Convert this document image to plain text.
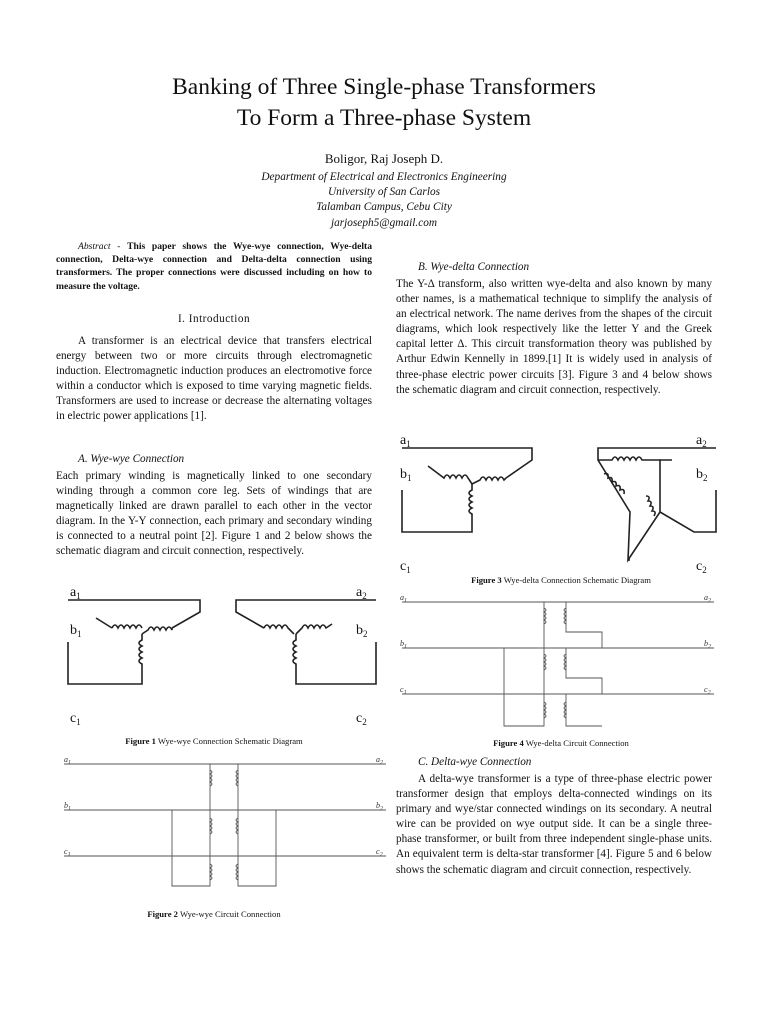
Banking of Three Single-phase Transformers
To Form a Three-phase System
Boligor, Raj Joseph D.
Department of Electrical and Electronics Engineering
University of San Carlos
Talamban Campus, Cebu City
jarjoseph5@gmail.com
Abstract - This paper shows the Wye-wye connection, Wye-delta connection, Delta-wye connection and Delta-delta connection using transformers. The proper connections were discussed including on how to measure the voltage.
I. Introduction

A transformer is an electrical device that transfers electrical energy between two or more circuits through electromagnetic induction. Electromagnetic induction produces an electromotive force within a conductor which is exposed to time varying magnetic fields. Transformers are used to increase or decrease the alternating voltages in electric power applications [1].

A. Wye-wye Connection

Each primary winding is magnetically linked to one secondary winding through a common core leg. Sets of windings that are magnetically linked are drawn parallel to each other in the vector diagram. In the Y-Y connection, each primary and secondary winding is connected to a neutral point [2]. Figure 1 and 2 below shows the schematic diagram and circuit connection, respectively.

$a_1$
$b_1$
$c_1$
$a_2$
$b_2$
$c_2$
Figure 1 Wye-wye Connection Schematic Diagram
$a_1$
$b_1$
$c_1$
$a_2$
$b_2$
$c_2$
Figure 2 Wye-wye Circuit Connection
B. Wye-delta Connection

The Y-Δ transform, also written wye-delta and also known by many other names, is a mathematical technique to simplify the analysis of an electrical network. The name derives from the shapes of the circuit diagrams, which look respectively like the letter Y and the Greek capital letter Δ. This circuit transformation theory was published by Arthur Edwin Kennelly in 1899.[1] It is widely used in analysis of three-phase electric power circuits [3]. Figure 3 and 4 below shows the schematic diagram and circuit connection, respectively.

$a_1$
$b_1$
$c_1$
$a_2$
$b_2$
$c_2$
Figure 3 Wye-delta Connection Schematic Diagram
$a_1$
$b_1$
$c_1$
$a_2$
$b_2$
$c_2$
Figure 4 Wye-delta Circuit Connection
C. Delta-wye Connection

A delta-wye transformer is a type of three-phase electric power transformer design that employs delta-connected windings on its primary and wye/star connected windings on its secondary. A neutral wire can be provided on wye output side. It can be a single three-phase transformer, or built from three independent single-phase units. An equivalent term is delta-star transformer [4]. Figure 5 and 6 below shows the schematic diagram and circuit connection, respectively.
